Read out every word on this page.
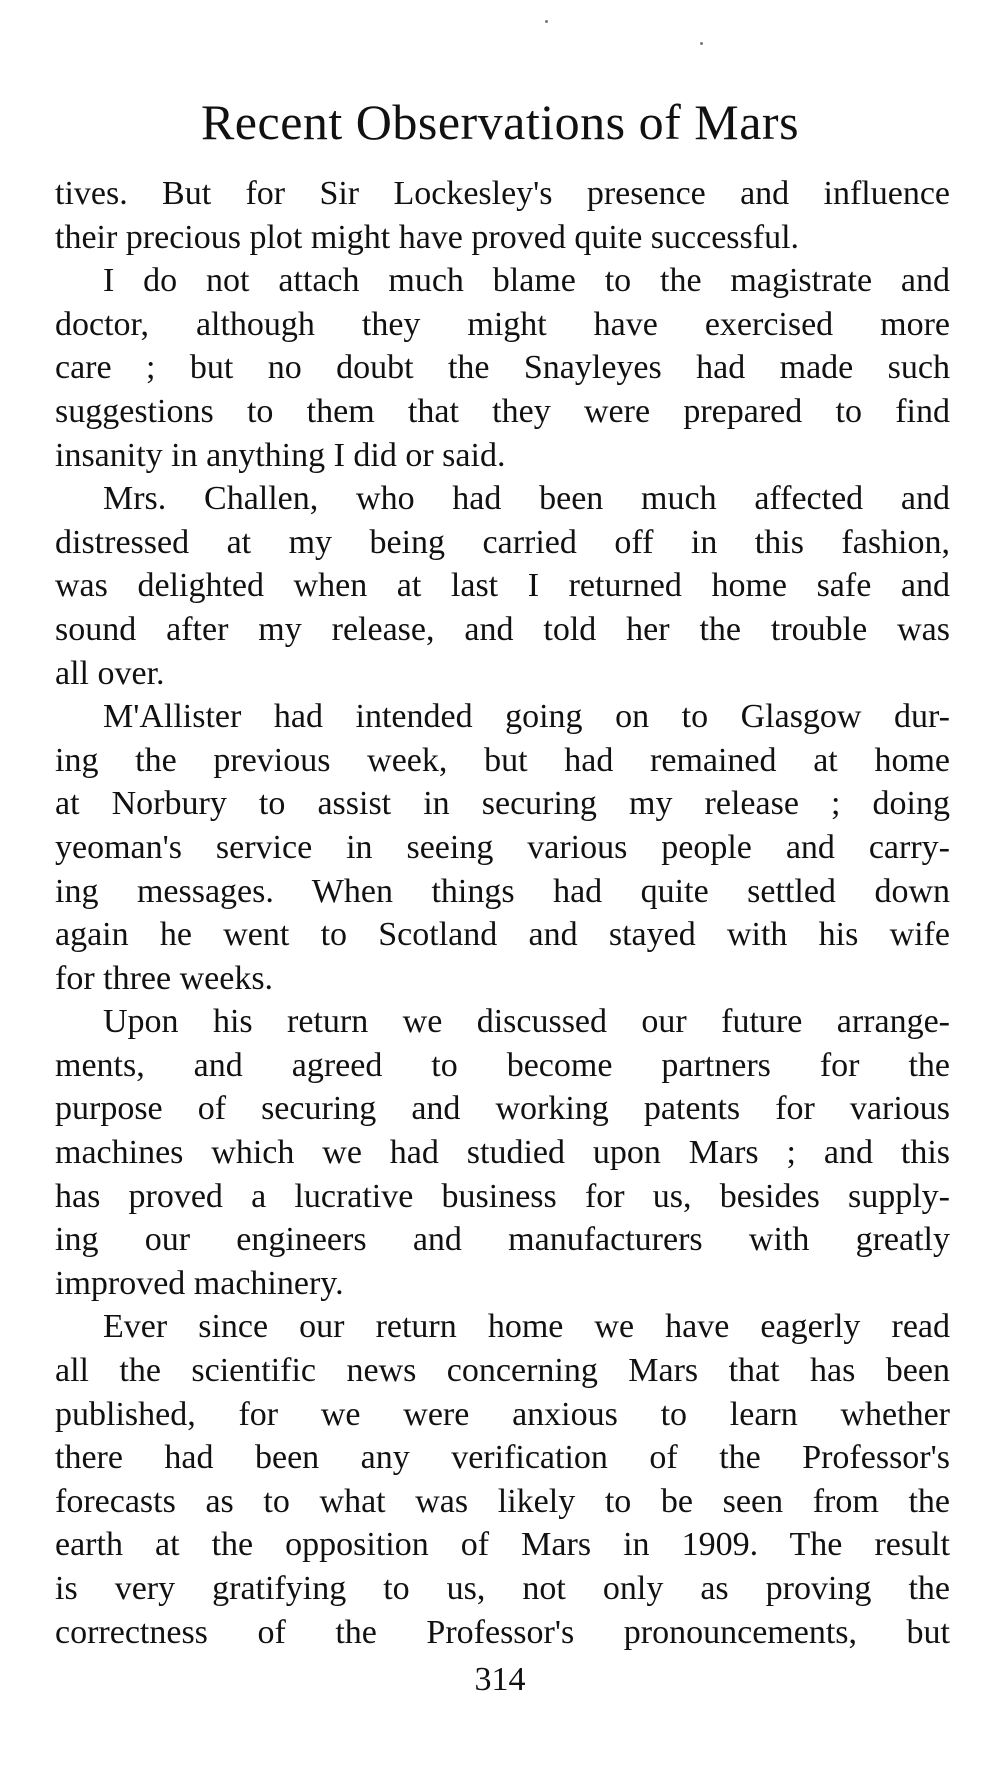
Recent Observations of Mars
tives. But for Sir Lockesley's presence and influence
their precious plot might have proved quite successful.
I do not attach much blame to the magistrate and
doctor, although they might have exercised more
care ; but no doubt the Snayleyes had made such
suggestions to them that they were prepared to find
insanity in anything I did or said.
Mrs. Challen, who had been much affected and
distressed at my being carried off in this fashion,
was delighted when at last I returned home safe and
sound after my release, and told her the trouble was
all over.
M'Allister had intended going on to Glasgow dur-
ing the previous week, but had remained at home
at Norbury to assist in securing my release ; doing
yeoman's service in seeing various people and carry-
ing messages. When things had quite settled down
again he went to Scotland and stayed with his wife
for three weeks.
Upon his return we discussed our future arrange-
ments, and agreed to become partners for the
purpose of securing and working patents for various
machines which we had studied upon Mars ; and this
has proved a lucrative business for us, besides supply-
ing our engineers and manufacturers with greatly
improved machinery.
Ever since our return home we have eagerly read
all the scientific news concerning Mars that has been
published, for we were anxious to learn whether
there had been any verification of the Professor's
forecasts as to what was likely to be seen from the
earth at the opposition of Mars in 1909. The result
is very gratifying to us, not only as proving the
correctness of the Professor's pronouncements, but
314
